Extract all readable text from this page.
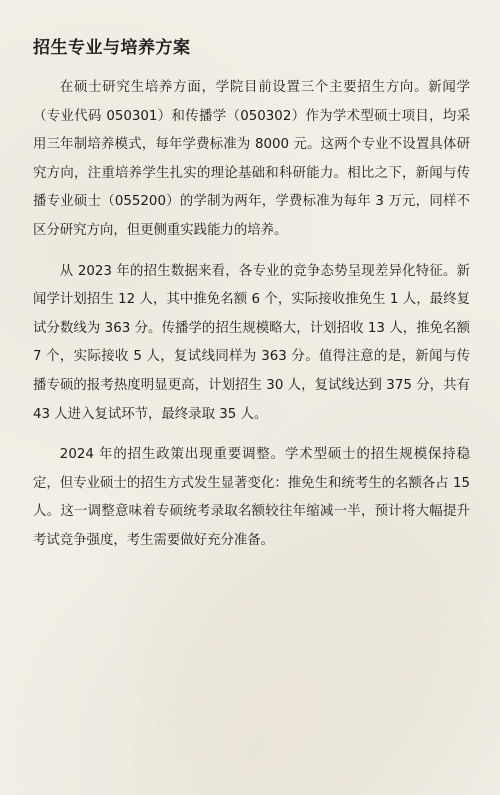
招生专业与培养方案

在硕士研究生培养方面，学院目前设置三个主要招生方向。新闻学（专业代码 050301）和传播学（050302）作为学术型硕士项目，均采用三年制培养模式，每年学费标准为 8000 元。这两个专业不设置具体研究方向，注重培养学生扎实的理论基础和科研能力。相比之下，新闻与传播专业硕士（055200）的学制为两年，学费标准为每年 3 万元，同样不区分研究方向，但更侧重实践能力的培养。

从 2023 年的招生数据来看，各专业的竞争态势呈现差异化特征。新闻学计划招生 12 人，其中推免名额 6 个，实际接收推免生 1 人，最终复试分数线为 363 分。传播学的招生规模略大，计划招收 13 人，推免名额 7 个，实际接收 5 人，复试线同样为 363 分。值得注意的是，新闻与传播专硕的报考热度明显更高，计划招生 30 人，复试线达到 375 分，共有 43 人进入复试环节，最终录取 35 人。

2024 年的招生政策出现重要调整。学术型硕士的招生规模保持稳定，但专业硕士的招生方式发生显著变化：推免生和统考生的名额各占 15 人。这一调整意味着专硕统考录取名额较往年缩减一半，预计将大幅提升考试竞争强度，考生需要做好充分准备。
